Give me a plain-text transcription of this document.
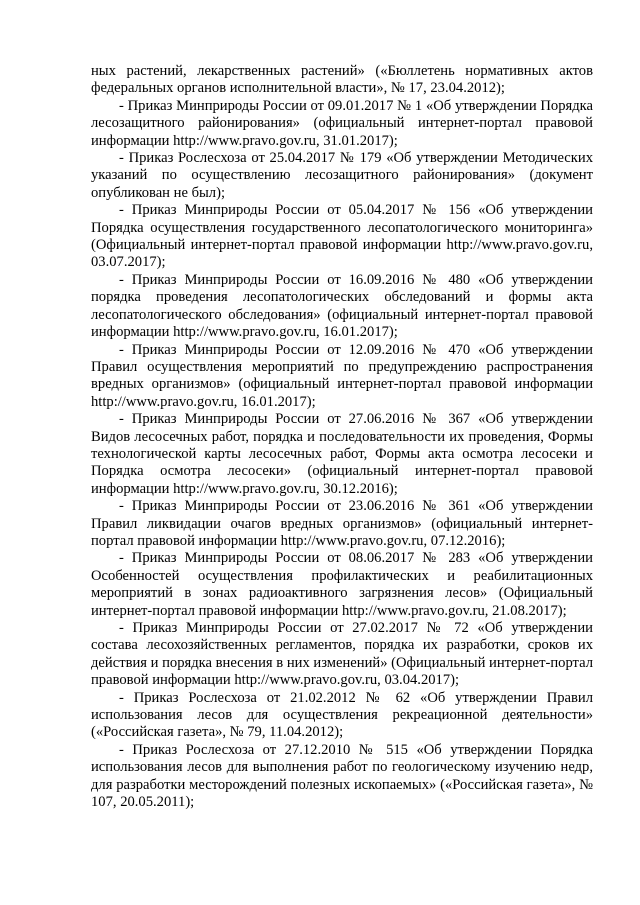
ных растений, лекарственных растений» («Бюллетень нормативных актов федеральных органов исполнительной власти», № 17, 23.04.2012);

- Приказ Минприроды России от 09.01.2017 № 1 «Об утверждении Порядка лесозащитного районирования» (официальный интернет-портал правовой информации http://www.pravo.gov.ru, 31.01.2017);

- Приказ Рослесхоза от 25.04.2017 № 179 «Об утверждении Методических указаний по осуществлению лесозащитного районирования» (документ опубликован не был);

- Приказ Минприроды России от 05.04.2017 № 156 «Об утверждении Порядка осуществления государственного лесопатологического мониторинга» (Официальный интернет-портал правовой информации http://www.pravo.gov.ru, 03.07.2017);

- Приказ Минприроды России от 16.09.2016 № 480 «Об утверждении порядка проведения лесопатологических обследований и формы акта лесопатологического обследования» (официальный интернет-портал правовой информации http://www.pravo.gov.ru, 16.01.2017);

- Приказ Минприроды России от 12.09.2016 № 470 «Об утверждении Правил осуществления мероприятий по предупреждению распространения вредных организмов» (официальный интернет-портал правовой информации http://www.pravo.gov.ru, 16.01.2017);

- Приказ Минприроды России от 27.06.2016 № 367 «Об утверждении Видов лесосечных работ, порядка и последовательности их проведения, Формы технологической карты лесосечных работ, Формы акта осмотра лесосеки и Порядка осмотра лесосеки» (официальный интернет-портал правовой информации http://www.pravo.gov.ru, 30.12.2016);

- Приказ Минприроды России от 23.06.2016 № 361 «Об утверждении Правил ликвидации очагов вредных организмов» (официальный интернет-портал правовой информации http://www.pravo.gov.ru, 07.12.2016);

- Приказ Минприроды России от 08.06.2017 № 283 «Об утверждении Особенностей осуществления профилактических и реабилитационных мероприятий в зонах радиоактивного загрязнения лесов» (Официальный интернет-портал правовой информации http://www.pravo.gov.ru, 21.08.2017);

- Приказ Минприроды России от 27.02.2017 № 72 «Об утверждении состава лесохозяйственных регламентов, порядка их разработки, сроков их действия и порядка внесения в них изменений» (Официальный интернет-портал правовой информации http://www.pravo.gov.ru, 03.04.2017);

- Приказ Рослесхоза от 21.02.2012 № 62 «Об утверждении Правил использования лесов для осуществления рекреационной деятельности» («Российская газета», № 79, 11.04.2012);

- Приказ Рослесхоза от 27.12.2010 № 515 «Об утверждении Порядка использования лесов для выполнения работ по геологическому изучению недр, для разработки месторождений полезных ископаемых» («Российская газета», № 107, 20.05.2011);
